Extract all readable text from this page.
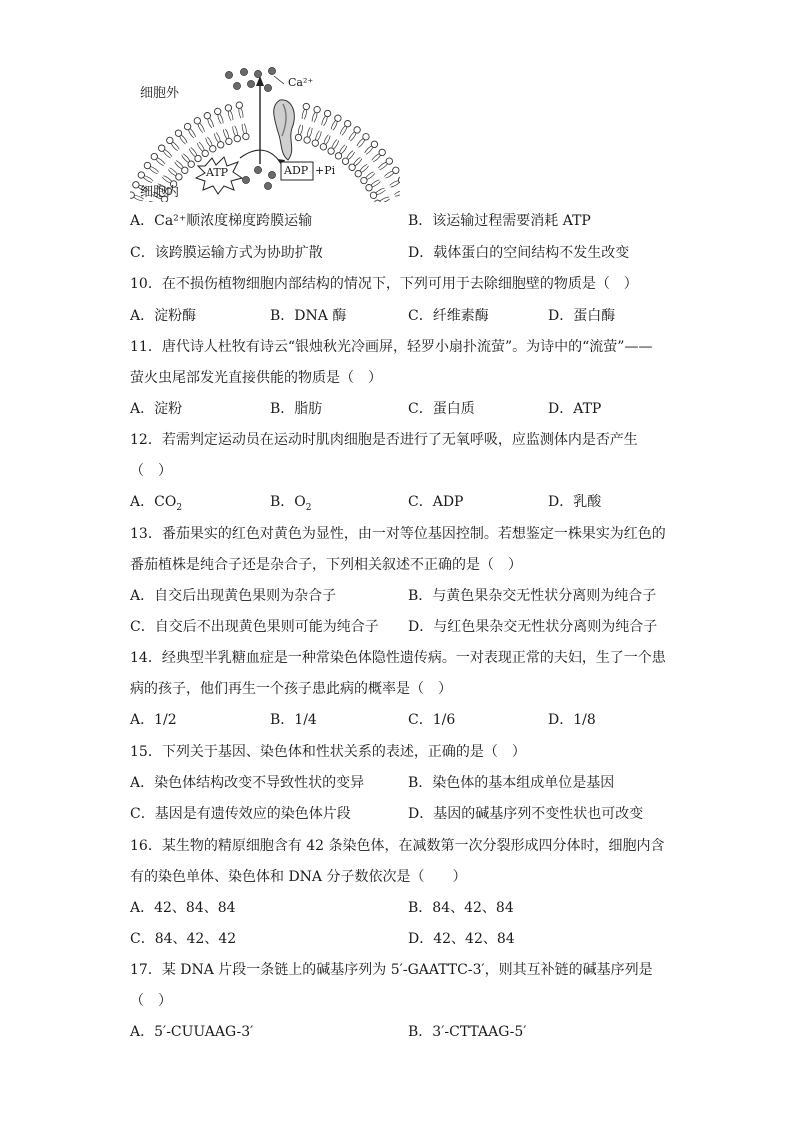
细胞外
细胞内
Ca²⁺
ATP	ADP +Pi
A．Ca²⁺顺浓度梯度跨膜运输	B．该运输过程需要消耗 ATP
C．该跨膜运输方式为协助扩散	D．载体蛋白的空间结构不发生改变
10．在不损伤植物细胞内部结构的情况下，下列可用于去除细胞壁的物质是（　）
A．淀粉酶	B．DNA 酶	C．纤维素酶	D．蛋白酶
11．唐代诗人杜牧有诗云“银烛秋光冷画屏，轻罗小扇扑流萤”。为诗中的“流萤”——
萤火虫尾部发光直接供能的物质是（　）
A．淀粉	B．脂肪	C．蛋白质	D．ATP
12．若需判定运动员在运动时肌肉细胞是否进行了无氧呼吸，应监测体内是否产生
（　）
A．$CO_2$	B．$O_2$	C．ADP	D．乳酸
13．番茄果实的红色对黄色为显性，由一对等位基因控制。若想鉴定一株果实为红色的
番茄植株是纯合子还是杂合子，下列相关叙述不正确的是（　）
A．自交后出现黄色果则为杂合子	B．与黄色果杂交无性状分离则为纯合子
C．自交后不出现黄色果则可能为纯合子 D．与红色果杂交无性状分离则为纯合子
14．经典型半乳糖血症是一种常染色体隐性遗传病。一对表现正常的夫妇，生了一个患
病的孩子，他们再生一个孩子患此病的概率是（　）
A．1/2	B．1/4	C．1/6	D．1/8
15．下列关于基因、染色体和性状关系的表述，正确的是（　）
A．染色体结构改变不导致性状的变异	B．染色体的基本组成单位是基因
C．基因是有遗传效应的染色体片段	D．基因的碱基序列不变性状也可改变
16．某生物的精原细胞含有 42 条染色体，在减数第一次分裂形成四分体时，细胞内含
有的染色单体、染色体和 DNA 分子数依次是（　　）
A．42、84、84	B．84、42、84
C．84、42、42	D．42、42、84
17．某 DNA 片段一条链上的碱基序列为 5′-GAATTC-3′，则其互补链的碱基序列是
（　）
A．5′-CUUAAG-3′	B．3′-CTTAAG-5′
